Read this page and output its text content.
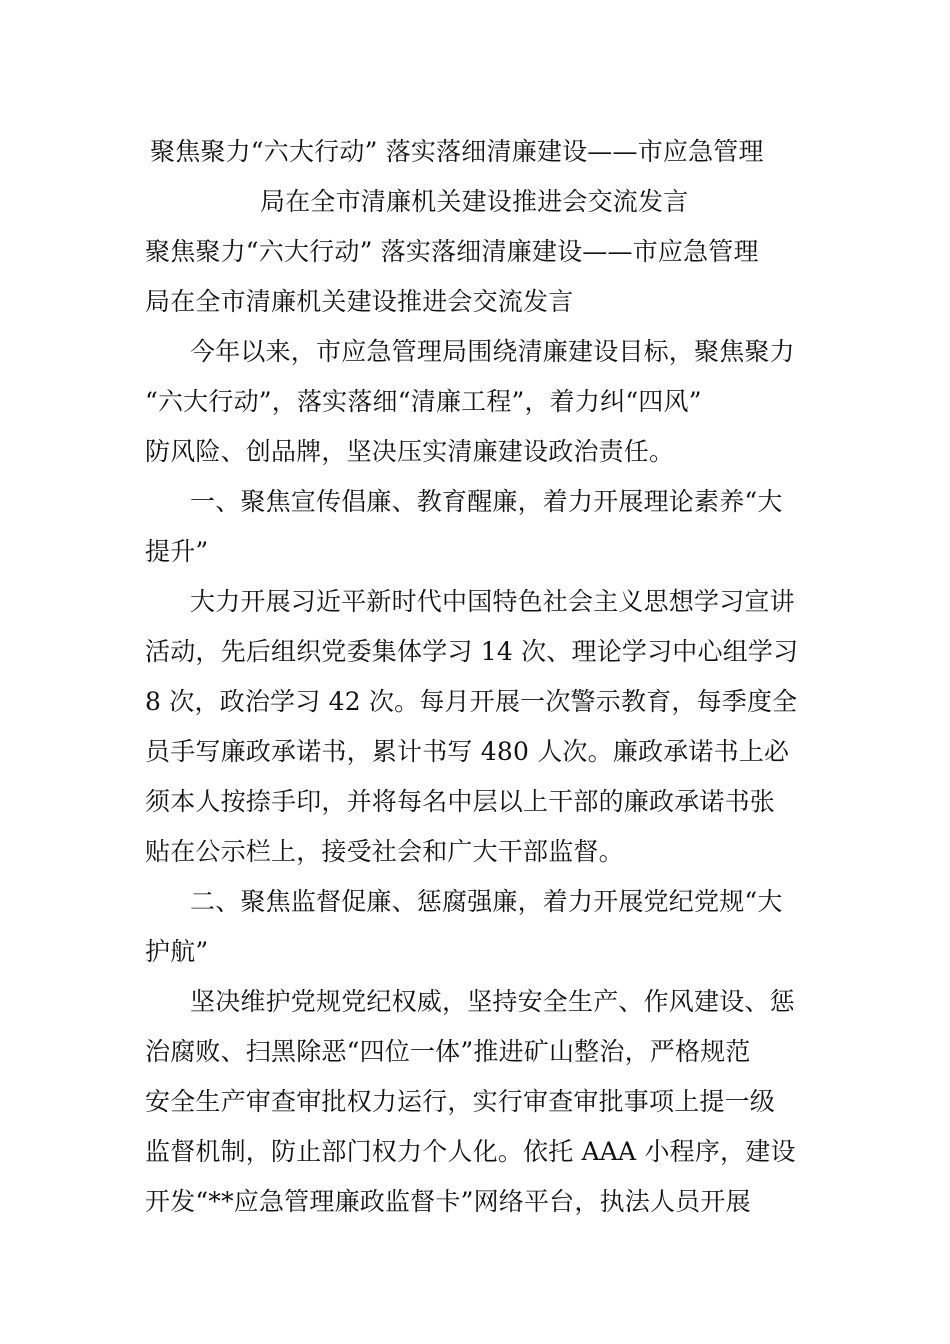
聚焦聚力“六大行动” 落实落细清廉建设——市应急管理
局在全市清廉机关建设推进会交流发言
聚焦聚力“六大行动” 落实落细清廉建设——市应急管理
局在全市清廉机关建设推进会交流发言
今年以来，市应急管理局围绕清廉建设目标，聚焦聚力
“六大行动”，落实落细“清廉工程”，着力纠“四风”
防风险、创品牌，坚决压实清廉建设政治责任。
一、聚焦宣传倡廉、教育醒廉，着力开展理论素养“大
提升”
大力开展习近平新时代中国特色社会主义思想学习宣讲
活动，先后组织党委集体学习 14 次、理论学习中心组学习
8 次，政治学习 42 次。每月开展一次警示教育，每季度全
员手写廉政承诺书，累计书写 480 人次。廉政承诺书上必
须本人按捺手印，并将每名中层以上干部的廉政承诺书张
贴在公示栏上，接受社会和广大干部监督。
二、聚焦监督促廉、惩腐强廉，着力开展党纪党规“大
护航”
坚决维护党规党纪权威，坚持安全生产、作风建设、惩
治腐败、扫黑除恶“四位一体”推进矿山整治，严格规范
安全生产审查审批权力运行，实行审查审批事项上提一级
监督机制，防止部门权力个人化。依托 AAA 小程序，建设
开发“**应急管理廉政监督卡”网络平台，执法人员开展
